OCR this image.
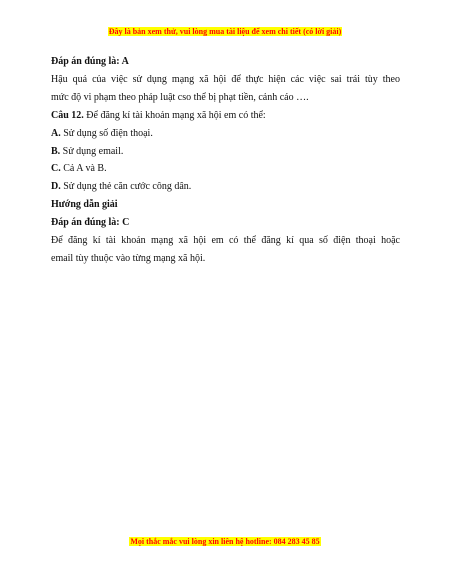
Đây là bản xem thử, vui lòng mua tài liệu để xem chi tiết (có lời giải)
Đáp án đúng là: A
Hậu quả của việc sử dụng mạng xã hội để thực hiện các việc sai trái tùy theo
mức độ vi phạm theo pháp luật cso thể bị phạt tiền, cảnh cáo ….
Câu 12. Để đăng kí tài khoản mạng xã hội em có thể:
A. Sử dụng số điện thoại.
B. Sử dụng email.
C. Cả A và B.
D. Sử dụng thẻ căn cước công dân.
Hướng dẫn giải
Đáp án đúng là: C
Để đăng kí tài khoản mạng xã hội em có thể đăng kí qua số điện thoại hoặc
email tùy thuộc vào từng mạng xã hội.
Mọi thắc mắc vui lòng xin liên hệ hotline: 084 283 45 85
